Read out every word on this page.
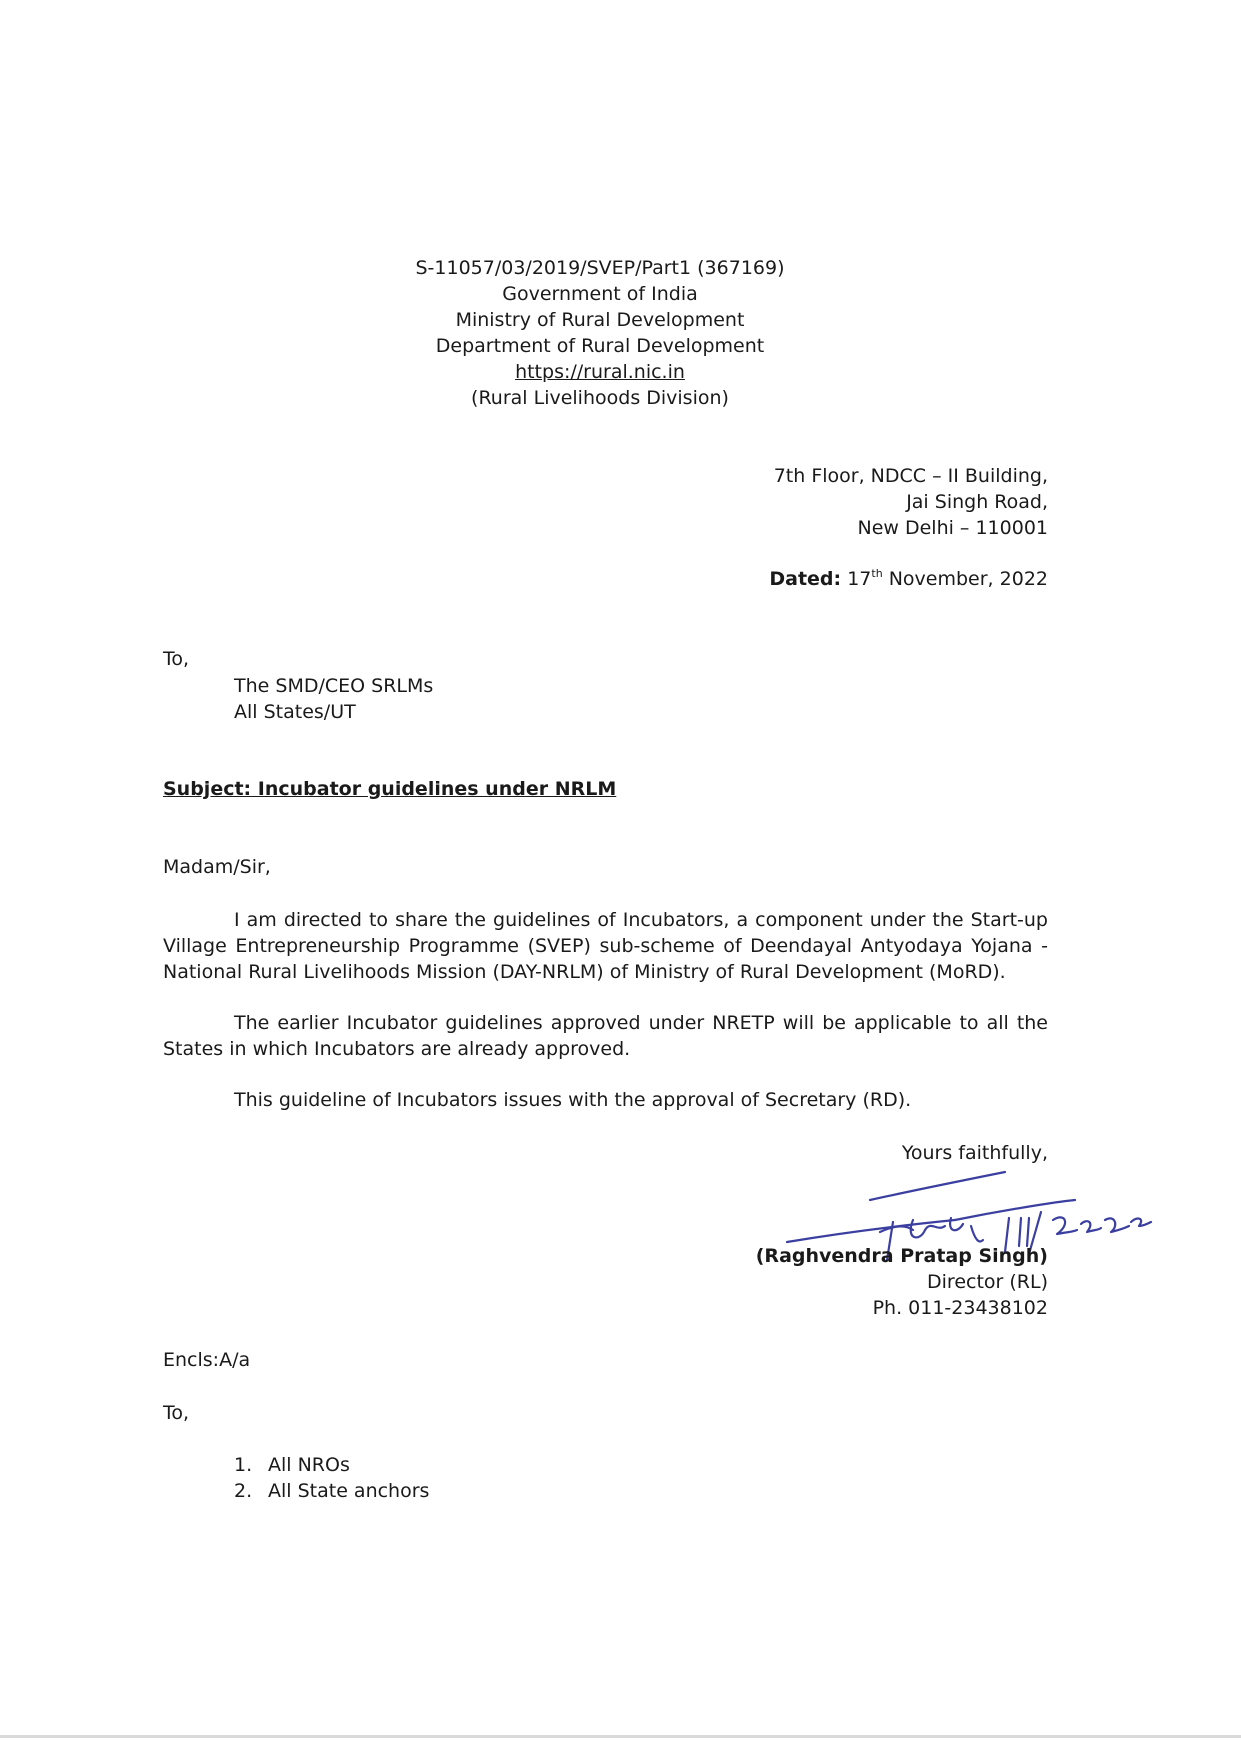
S-11057/03/2019/SVEP/Part1 (367169)
Government of India
Ministry of Rural Development
Department of Rural Development
https://rural.nic.in
(Rural Livelihoods Division)
7th Floor, NDCC – II Building,
Jai Singh Road,
New Delhi – 110001
Dated: 17th November, 2022
To,
The SMD/CEO SRLMs
All States/UT
Subject: Incubator guidelines under NRLM
Madam/Sir,
I am directed to share the guidelines of Incubators, a component under the Start-up Village Entrepreneurship Programme (SVEP) sub-scheme of Deendayal Antyodaya Yojana - National Rural Livelihoods Mission (DAY-NRLM) of Ministry of Rural Development (MoRD).
The earlier Incubator guidelines approved under NRETP will be applicable to all the States in which Incubators are already approved.
This guideline of Incubators issues with the approval of Secretary (RD).
Yours faithfully,
(Raghvendra Pratap Singh)
Director (RL)
Ph. 011-23438102
Encls:A/a
To,
1. All NROs
2. All State anchors
